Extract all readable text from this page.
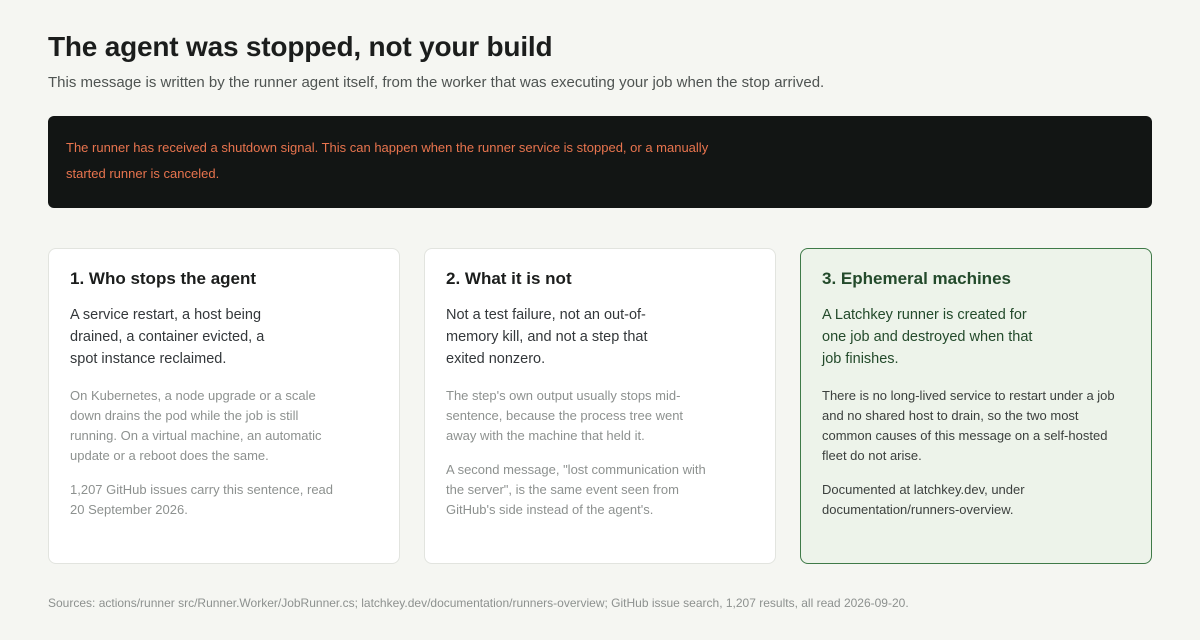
The agent was stopped, not your build

This message is written by the runner agent itself, from the worker that was executing your job when the stop arrived.

The runner has received a shutdown signal. This can happen when the runner service is stopped, or a manually started runner is canceled.

1. Who stops the agent

A service restart, a host being drained, a container evicted, a spot instance reclaimed.

On Kubernetes, a node upgrade or a scale down drains the pod while the job is still running. On a virtual machine, an automatic update or a reboot does the same.

1,207 GitHub issues carry this sentence, read 20 September 2026.

2. What it is not

Not a test failure, not an out-of-memory kill, and not a step that exited nonzero.

The step's own output usually stops mid-sentence, because the process tree went away with the machine that held it.

A second message, "lost communication with the server", is the same event seen from GitHub's side instead of the agent's.

3. Ephemeral machines

A Latchkey runner is created for one job and destroyed when that job finishes.

There is no long-lived service to restart under a job and no shared host to drain, so the two most common causes of this message on a self-hosted fleet do not arise.

Documented at latchkey.dev, under documentation/runners-overview.

Sources: actions/runner src/Runner.Worker/JobRunner.cs; latchkey.dev/documentation/runners-overview; GitHub issue search, 1,207 results, all read 2026-09-20.
